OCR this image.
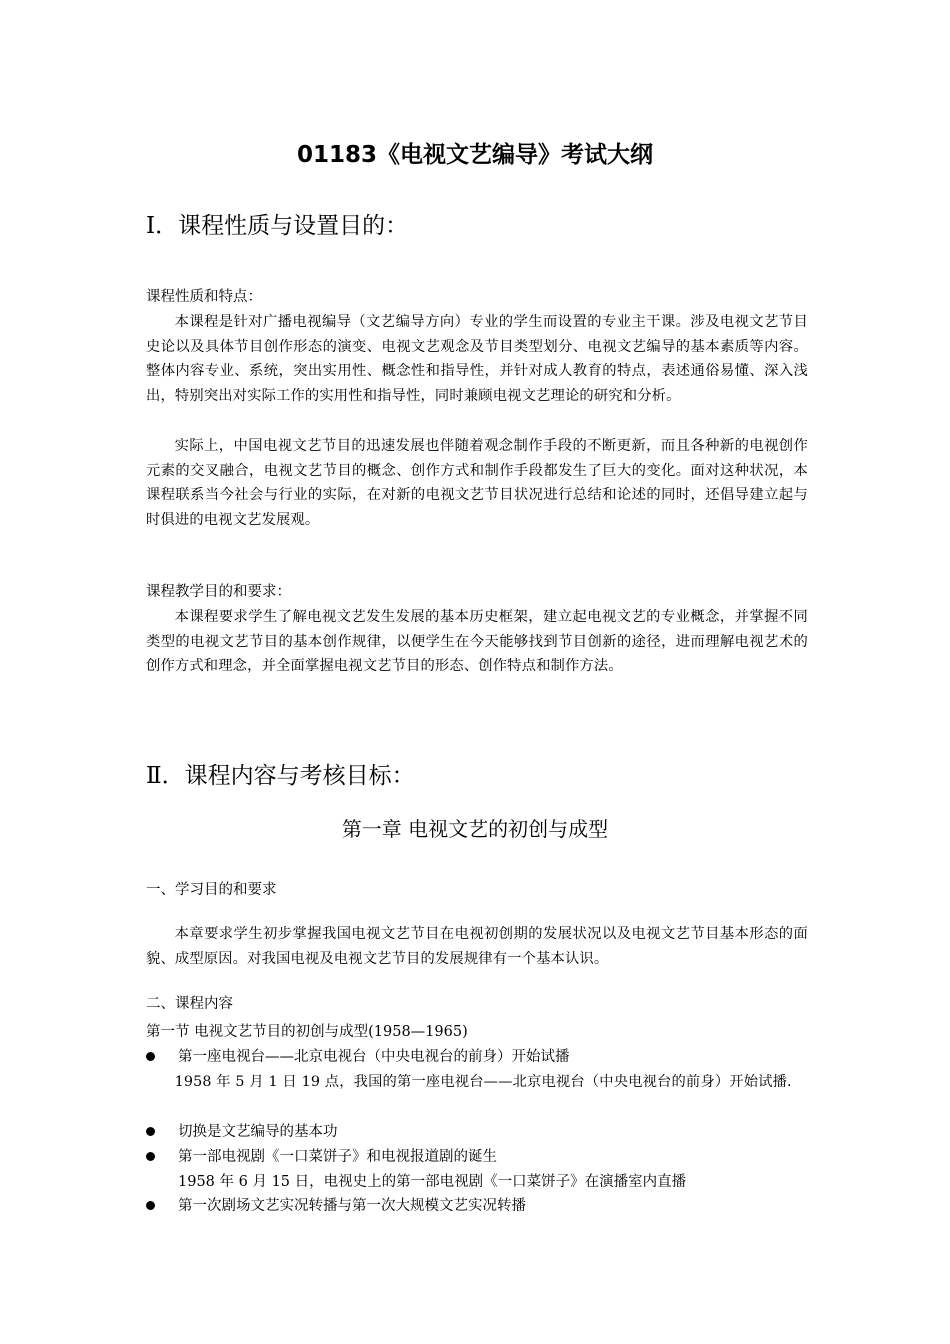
01183《电视文艺编导》考试大纲
Ⅰ．课程性质与设置目的：
课程性质和特点：
本课程是针对广播电视编导（文艺编导方向）专业的学生而设置的专业主干课。涉及电视文艺节目史论以及具体节目创作形态的演变、电视文艺观念及节目类型划分、电视文艺编导的基本素质等内容。整体内容专业、系统，突出实用性、概念性和指导性，并针对成人教育的特点，表述通俗易懂、深入浅出，特别突出对实际工作的实用性和指导性，同时兼顾电视文艺理论的研究和分析。
实际上，中国电视文艺节目的迅速发展也伴随着观念制作手段的不断更新，而且各种新的电视创作元素的交叉融合，电视文艺节目的概念、创作方式和制作手段都发生了巨大的变化。面对这种状况，本课程联系当今社会与行业的实际，在对新的电视文艺节目状况进行总结和论述的同时，还倡导建立起与时俱进的电视文艺发展观。
课程教学目的和要求：
本课程要求学生了解电视文艺发生发展的基本历史框架，建立起电视文艺的专业概念，并掌握不同类型的电视文艺节目的基本创作规律，以便学生在今天能够找到节目创新的途径，进而理解电视艺术的创作方式和理念，并全面掌握电视文艺节目的形态、创作特点和制作方法。
Ⅱ．课程内容与考核目标：
第一章 电视文艺的初创与成型
一、学习目的和要求
本章要求学生初步掌握我国电视文艺节目在电视初创期的发展状况以及电视文艺节目基本形态的面貌、成型原因。对我国电视及电视文艺节目的发展规律有一个基本认识。
二、课程内容
第一节 电视文艺节目的初创与成型(1958—1965)
第一座电视台——北京电视台（中央电视台的前身）开始试播
1958 年 5 月 1 日 19 点，我国的第一座电视台——北京电视台（中央电视台的前身）开始试播.
切换是文艺编导的基本功
第一部电视剧《一口菜饼子》和电视报道剧的诞生
1958 年 6 月 15 日，电视史上的第一部电视剧《一口菜饼子》在演播室内直播
第一次剧场文艺实况转播与第一次大规模文艺实况转播
